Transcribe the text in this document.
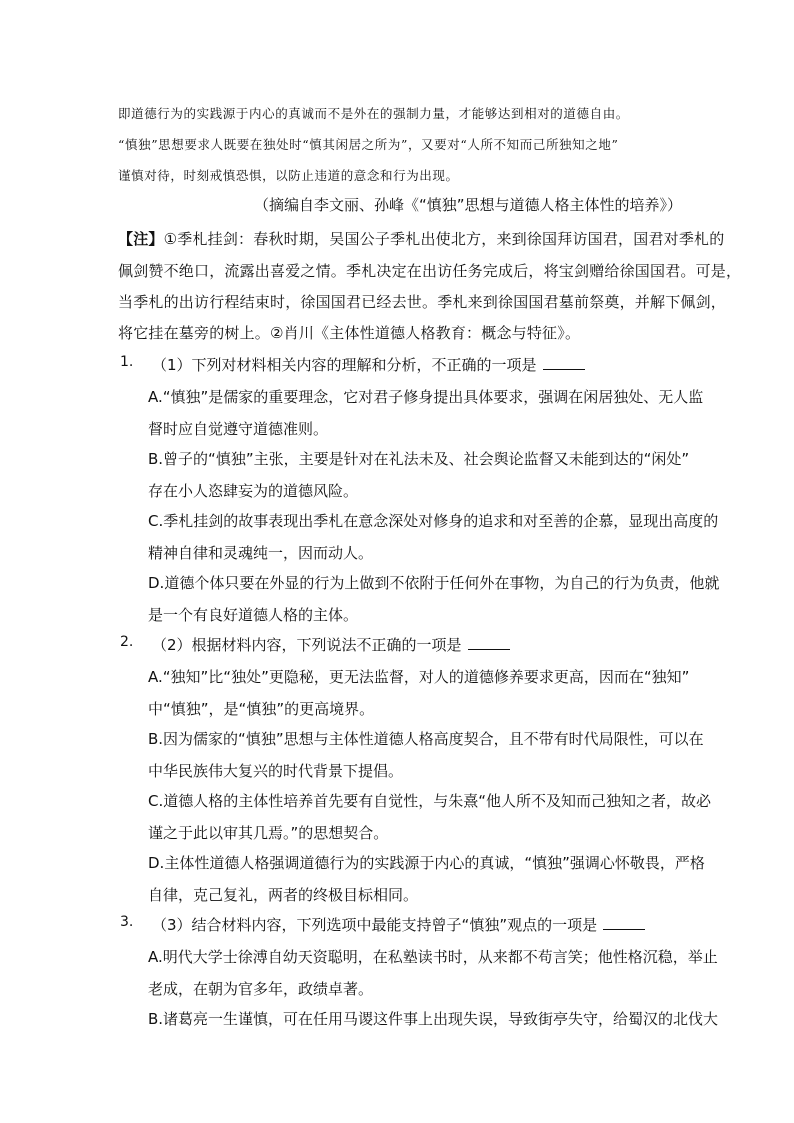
即道德行为的实践源于内心的真诚而不是外在的强制力量，才能够达到相对的道德自由。
“慎独”思想要求人既要在独处时“慎其闲居之所为”，又要对“人所不知而己所独知之地”
谨慎对待，时刻戒慎恐惧，以防止违道的意念和行为出现。
（摘编自李文丽、孙峰《“慎独”思想与道德人格主体性的培养》）
【注】①季札挂剑：春秋时期，吴国公子季札出使北方，来到徐国拜访国君，国君对季札的
佩剑赞不绝口，流露出喜爱之情。季札决定在出访任务完成后，将宝剑赠给徐国国君。可是，
当季札的出访行程结束时，徐国国君已经去世。季札来到徐国国君墓前祭奠，并解下佩剑，
将它挂在墓旁的树上。②肖川《主体性道德人格教育：概念与特征》。
1. （1）下列对材料相关内容的理解和分析，不正确的一项是
A.“慎独”是儒家的重要理念，它对君子修身提出具体要求，强调在闲居独处、无人监
督时应自觉遵守道德准则。
B.曾子的“慎独”主张，主要是针对在礼法未及、社会舆论监督又未能到达的“闲处”
存在小人恣肆妄为的道德风险。
C.季札挂剑的故事表现出季札在意念深处对修身的追求和对至善的企慕，显现出高度的
精神自律和灵魂纯一，因而动人。
D.道德个体只要在外显的行为上做到不依附于任何外在事物，为自己的行为负责，他就
是一个有良好道德人格的主体。
2. （2）根据材料内容，下列说法不正确的一项是
A.“独知”比“独处”更隐秘，更无法监督，对人的道德修养要求更高，因而在“独知”
中“慎独”，是“慎独”的更高境界。
B.因为儒家的“慎独”思想与主体性道德人格高度契合，且不带有时代局限性，可以在
中华民族伟大复兴的时代背景下提倡。
C.道德人格的主体性培养首先要有自觉性，与朱熹“他人所不及知而己独知之者，故必
谨之于此以审其几焉。”的思想契合。
D.主体性道德人格强调道德行为的实践源于内心的真诚，“慎独”强调心怀敬畏，严格
自律，克己复礼，两者的终极目标相同。
3. （3）结合材料内容，下列选项中最能支持曾子“慎独”观点的一项是
A.明代大学士徐溥自幼天资聪明，在私塾读书时，从来都不苟言笑；他性格沉稳，举止
老成，在朝为官多年，政绩卓著。
B.诸葛亮一生谨慎，可在任用马谡这件事上出现失误，导致街亭失守，给蜀汉的北伐大
